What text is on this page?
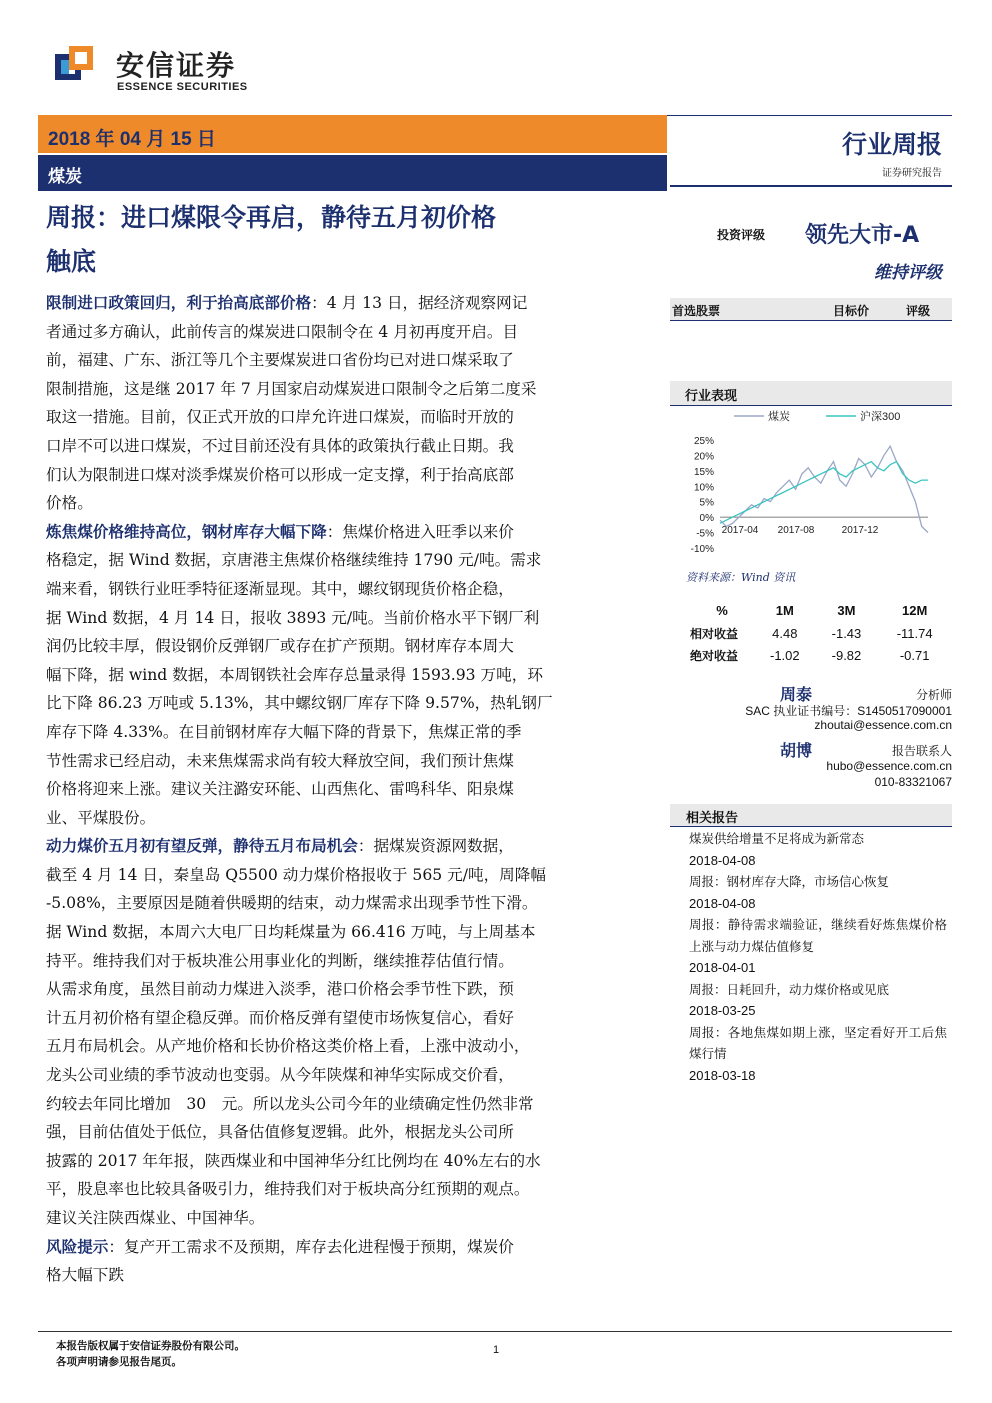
安信证券
ESSENCE SECURITIES
2018 年 04 月 15 日
煤炭
行业周报
证券研究报告
周报：进口煤限令再启，静待五月初价格
触底
限制进口政策回归，利于抬高底部价格：4 月 13 日，据经济观察网记
者通过多方确认，此前传言的煤炭进口限制令在 4 月初再度开启。目
前，福建、广东、浙江等几个主要煤炭进口省份均已对进口煤采取了
限制措施，这是继 2017 年 7 月国家启动煤炭进口限制令之后第二度采
取这一措施。目前，仅正式开放的口岸允许进口煤炭，而临时开放的
口岸不可以进口煤炭，不过目前还没有具体的政策执行截止日期。我
们认为限制进口煤对淡季煤炭价格可以形成一定支撑，利于抬高底部
价格。
炼焦煤价格维持高位，钢材库存大幅下降：焦煤价格进入旺季以来价
格稳定，据 Wind 数据，京唐港主焦煤价格继续维持 1790 元/吨。需求
端来看，钢铁行业旺季特征逐渐显现。其中，螺纹钢现货价格企稳，
据 Wind 数据，4 月 14 日，报收 3893 元/吨。当前价格水平下钢厂利
润仍比较丰厚，假设钢价反弹钢厂或存在扩产预期。钢材库存本周大
幅下降，据 wind 数据，本周钢铁社会库存总量录得 1593.93 万吨，环
比下降 86.23 万吨或 5.13%，其中螺纹钢厂库存下降 9.57%，热轧钢厂
库存下降 4.33%。在目前钢材库存大幅下降的背景下，焦煤正常的季
节性需求已经启动，未来焦煤需求尚有较大释放空间，我们预计焦煤
价格将迎来上涨。建议关注潞安环能、山西焦化、雷鸣科华、阳泉煤
业、平煤股份。
动力煤价五月初有望反弹，静待五月布局机会：据煤炭资源网数据，
截至 4 月 14 日，秦皇岛 Q5500 动力煤价格报收于 565 元/吨，周降幅
-5.08%，主要原因是随着供暖期的结束，动力煤需求出现季节性下滑。
据 Wind 数据，本周六大电厂日均耗煤量为 66.416 万吨，与上周基本
持平。维持我们对于板块准公用事业化的判断，继续推荐估值行情。
从需求角度，虽然目前动力煤进入淡季，港口价格会季节性下跌，预
计五月初价格有望企稳反弹。而价格反弹有望使市场恢复信心，看好
五月布局机会。从产地价格和长协价格这类价格上看，上涨中波动小，
龙头公司业绩的季节波动也变弱。从今年陕煤和神华实际成交价看，
约较去年同比增加　30　元。所以龙头公司今年的业绩确定性仍然非常
强，目前估值处于低位，具备估值修复逻辑。此外，根据龙头公司所
披露的 2017 年年报，陕西煤业和中国神华分红比例均在 40%左右的水
平，股息率也比较具备吸引力，维持我们对于板块高分红预期的观点。
建议关注陕西煤业、中国神华。
风险提示：复产开工需求不及预期，库存去化进程慢于预期，煤炭价
格大幅下跌
投资评级 领先大市-A
维持评级
首选股票	目标价	评级
行业表现
煤炭	沪深300
25%
20%
15%
10%
5%
0%
-5%
-10%
2017-04 2017-08	2017-12
资料来源：Wind 资讯
%	1M	3M	12M
相对收益	4.48	-1.43	-11.74
绝对收益	-1.02	-9.82	-0.71
周泰	分析师
SAC 执业证书编号：S1450517090001
zhoutai@essence.com.cn
胡博	报告联系人
hubo@essence.com.cn
010-83321067
相关报告
煤炭供给增量不足将成为新常态
2018-04-08
周报：钢材库存大降，市场信心恢复
2018-04-08
周报：静待需求端验证，继续看好炼焦煤价格上涨与动力煤估值修复
2018-04-01
周报：日耗回升，动力煤价格或见底
2018-03-25
周报：各地焦煤如期上涨，坚定看好开工后焦煤行情
2018-03-18
本报告版权属于安信证券股份有限公司。
各项声明请参见报告尾页。
1
